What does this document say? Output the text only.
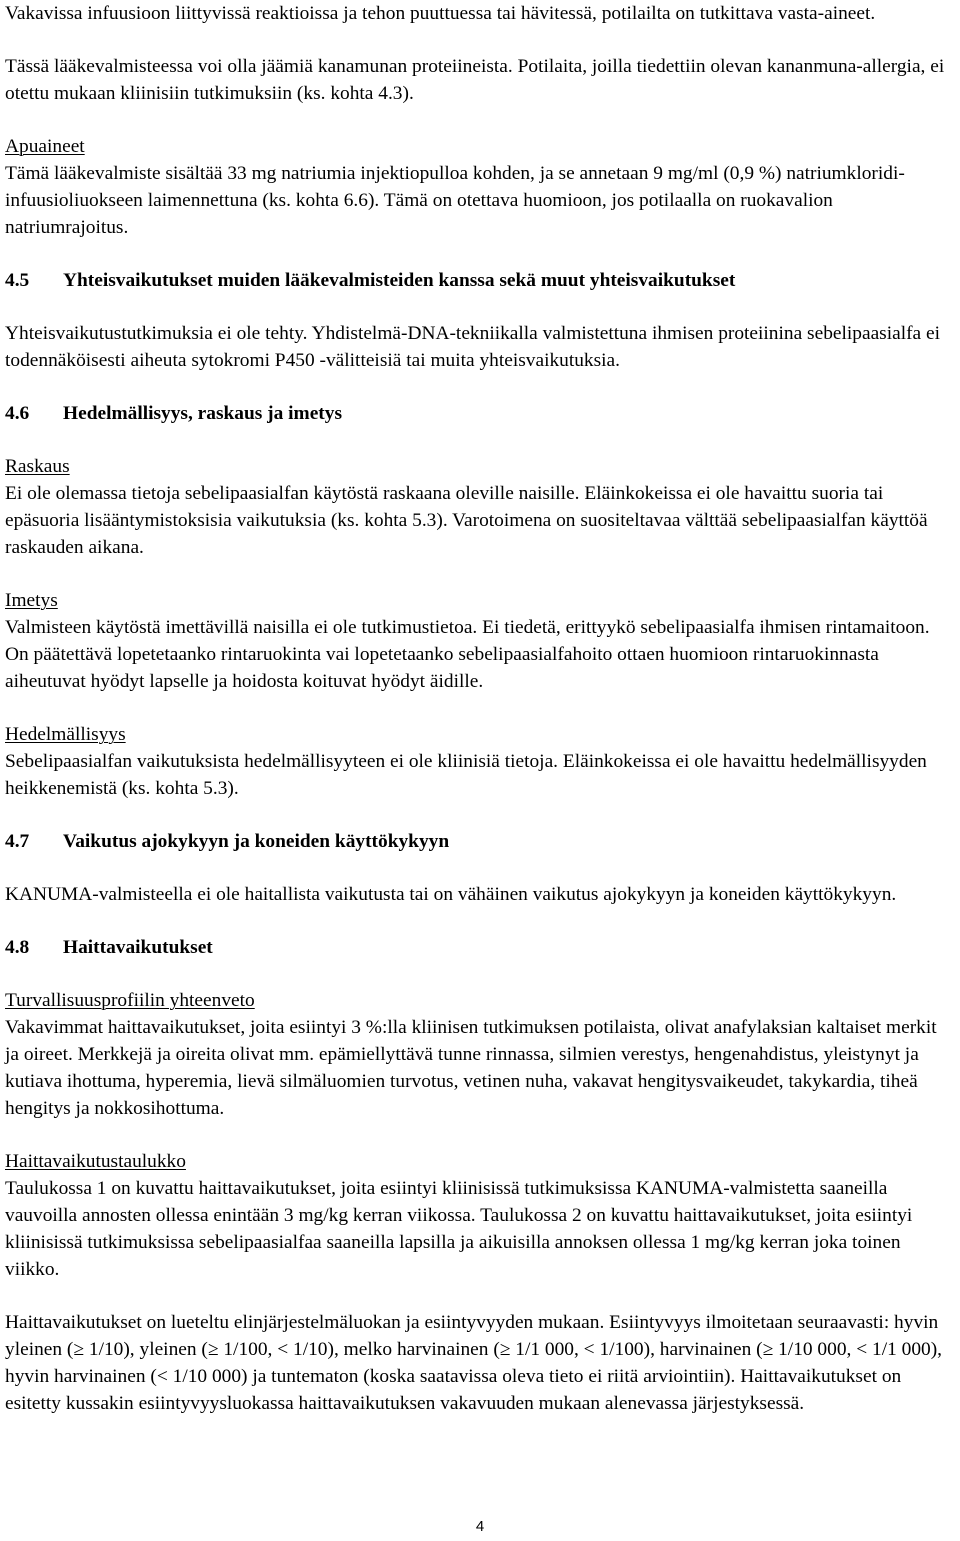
Vakavissa infuusioon liittyvissä reaktioissa ja tehon puuttuessa tai hävitessä, potilailta on tutkittava vasta-aineet.

Tässä lääkevalmisteessa voi olla jäämiä kanamunan proteiineista. Potilaita, joilla tiedettiin olevan kananmuna-allergia, ei otettu mukaan kliinisiin tutkimuksiin (ks. kohta 4.3).

Apuaineet

Tämä lääkevalmiste sisältää 33 mg natriumia injektiopulloa kohden, ja se annetaan 9 mg/ml (0,9 %) natriumkloridi-infuusioliuokseen laimennettuna (ks. kohta 6.6). Tämä on otettava huomioon, jos potilaalla on ruokavalion natriumrajoitus.

4.5	Yhteisvaikutukset muiden lääkevalmisteiden kanssa sekä muut yhteisvaikutukset

Yhteisvaikutustutkimuksia ei ole tehty. Yhdistelmä-DNA-tekniikalla valmistettuna ihmisen proteiinina sebelipaasialfa ei todennäköisesti aiheuta sytokromi P450 -välitteisiä tai muita yhteisvaikutuksia.

4.6	Hedelmällisyys, raskaus ja imetys

Raskaus

Ei ole olemassa tietoja sebelipaasialfan käytöstä raskaana oleville naisille. Eläinkokeissa ei ole havaittu suoria tai epäsuoria lisääntymistoksisia vaikutuksia (ks. kohta 5.3). Varotoimena on suositeltavaa välttää sebelipaasialfan käyttöä raskauden aikana.

Imetys

Valmisteen käytöstä imettävillä naisilla ei ole tutkimustietoa. Ei tiedetä, erittyykö sebelipaasialfa ihmisen rintamaitoon. On päätettävä lopetetaanko rintaruokinta vai lopetetaanko sebelipaasialfahoito ottaen huomioon rintaruokinnasta aiheutuvat hyödyt lapselle ja hoidosta koituvat hyödyt äidille.

Hedelmällisyys

Sebelipaasialfan vaikutuksista hedelmällisyyteen ei ole kliinisiä tietoja. Eläinkokeissa ei ole havaittu hedelmällisyyden heikkenemistä (ks. kohta 5.3).

4.7	Vaikutus ajokykyyn ja koneiden käyttökykyyn

KANUMA-valmisteella ei ole haitallista vaikutusta tai on vähäinen vaikutus ajokykyyn ja koneiden käyttökykyyn.

4.8	Haittavaikutukset

Turvallisuusprofiilin yhteenveto

Vakavimmat haittavaikutukset, joita esiintyi 3 %:lla kliinisen tutkimuksen potilaista, olivat anafylaksian kaltaiset merkit ja oireet. Merkkejä ja oireita olivat mm. epämiellyttävä tunne rinnassa, silmien verestys, hengenahdistus, yleistynyt ja kutiava ihottuma, hyperemia, lievä silmäluomien turvotus, vetinen nuha, vakavat hengitysvaikeudet, takykardia, tiheä hengitys ja nokkosihottuma.

Haittavaikutustaulukko

Taulukossa 1 on kuvattu haittavaikutukset, joita esiintyi kliinisissä tutkimuksissa KANUMA-valmistetta saaneilla vauvoilla annosten ollessa enintään 3 mg/kg kerran viikossa. Taulukossa 2 on kuvattu haittavaikutukset, joita esiintyi kliinisissä tutkimuksissa sebelipaasialfaa saaneilla lapsilla ja aikuisilla annoksen ollessa 1 mg/kg kerran joka toinen viikko.

Haittavaikutukset on lueteltu elinjärjestelmäluokan ja esiintyvyyden mukaan. Esiintyvyys ilmoitetaan seuraavasti: hyvin yleinen (≥ 1/10), yleinen (≥ 1/100, < 1/10), melko harvinainen (≥ 1/1 000, < 1/100), harvinainen (≥ 1/10 000, < 1/1 000), hyvin harvinainen (< 1/10 000) ja tuntematon (koska saatavissa oleva tieto ei riitä arviointiin). Haittavaikutukset on esitetty kussakin esiintyvyysluokassa haittavaikutuksen vakavuuden mukaan alenevassa järjestyksessä.

4
